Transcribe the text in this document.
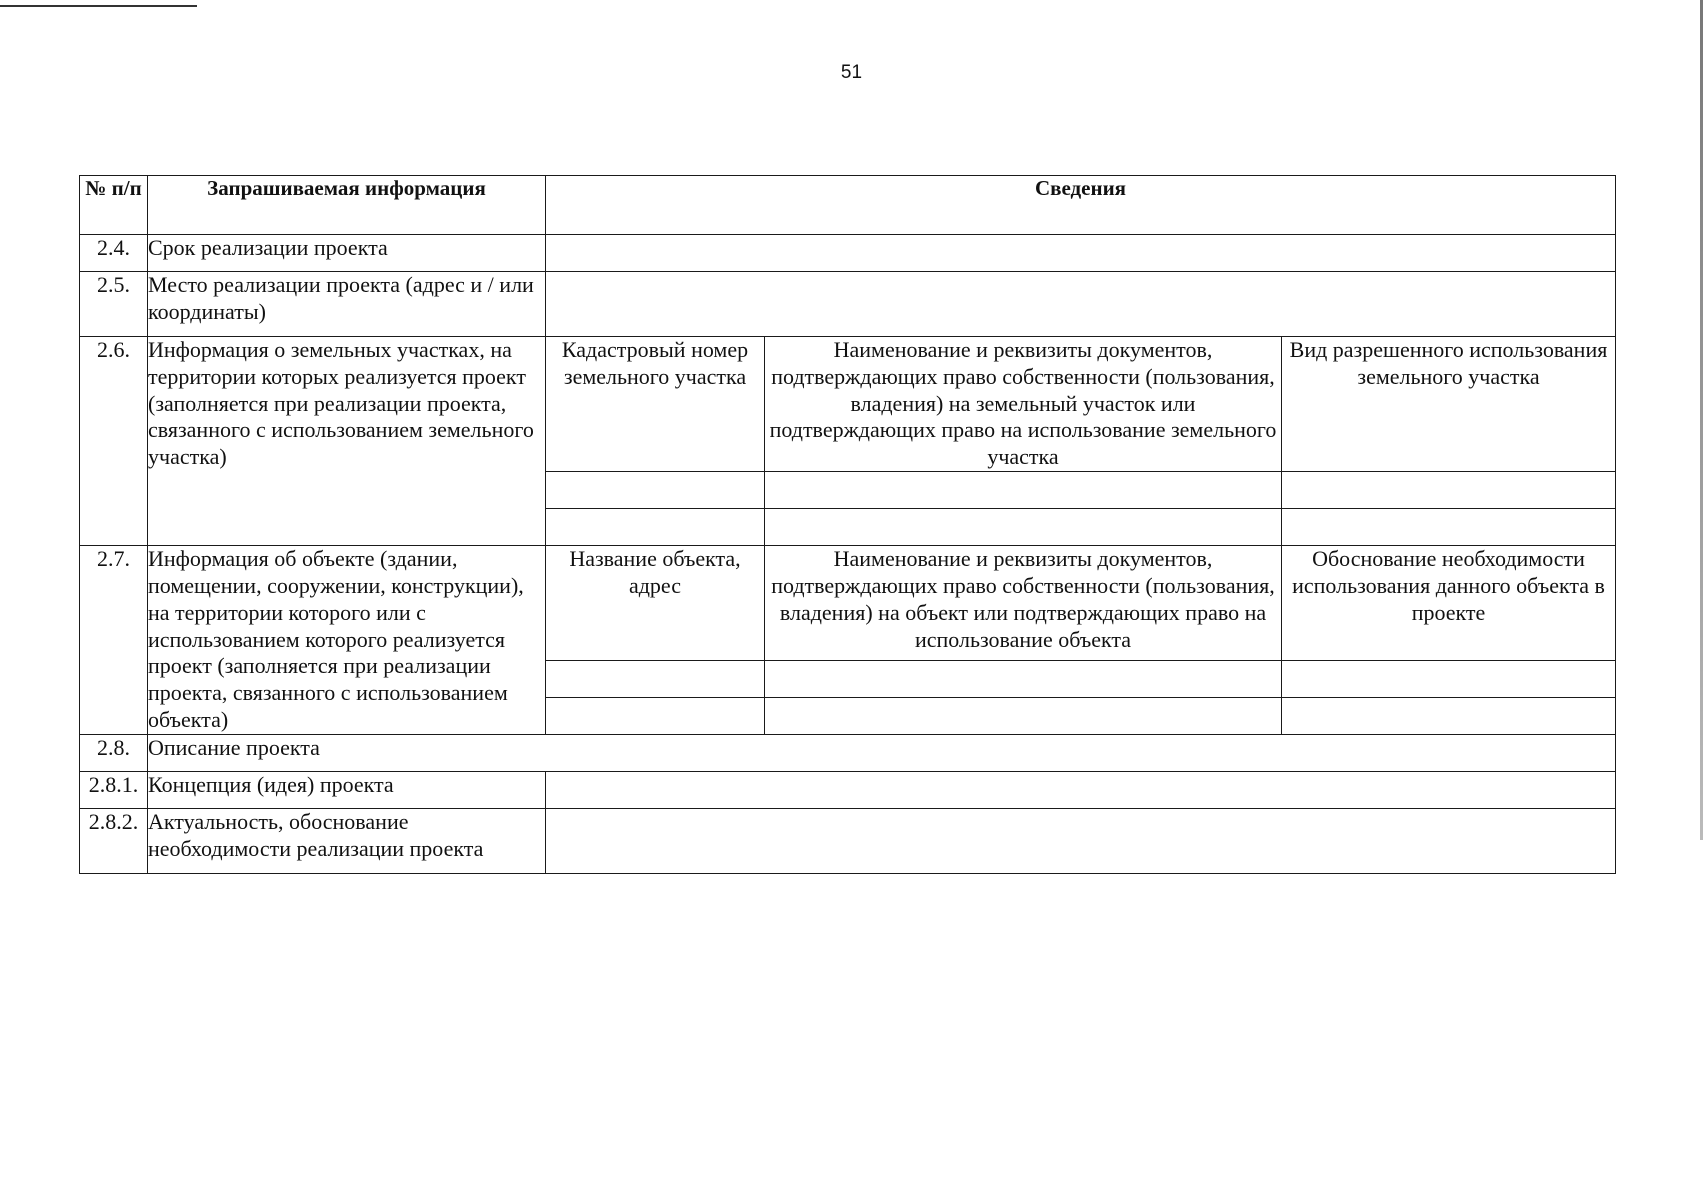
51
№ п/п	Запрашиваемая информация	Сведения		
2.4.	Срок реализации проекта			
2.5.	Место реализации проекта (адрес и / или координаты)			
2.6.	Информация о земельных участках, на территории которых реализуется проект (заполняется при реализации проекта, связанного с использованием земельного участка)	Кадастровый номер земельного участка	Наименование и реквизиты документов, подтверждающих право собственности (пользования, владения) на земельный участок или подтверждающих право на использование земельного участка	Вид разрешенного использования земельного участка

2.7.	Информация об объекте (здании, помещении, сооружении, конструкции), на территории которого или с использованием которого реализуется проект (заполняется при реализации проекта, связанного с использованием объекта)	Название объекта, адрес	Наименование и реквизиты документов, подтверждающих право собственности (пользования, владения) на объект или подтверждающих право на использование объекта	Обоснование необходимости использования данного объекта в проекте

2.8.	Описание проекта			
2.8.1.	Концепция (идея) проекта			
2.8.2.	Актуальность, обоснование необходимости реализации проекта			
